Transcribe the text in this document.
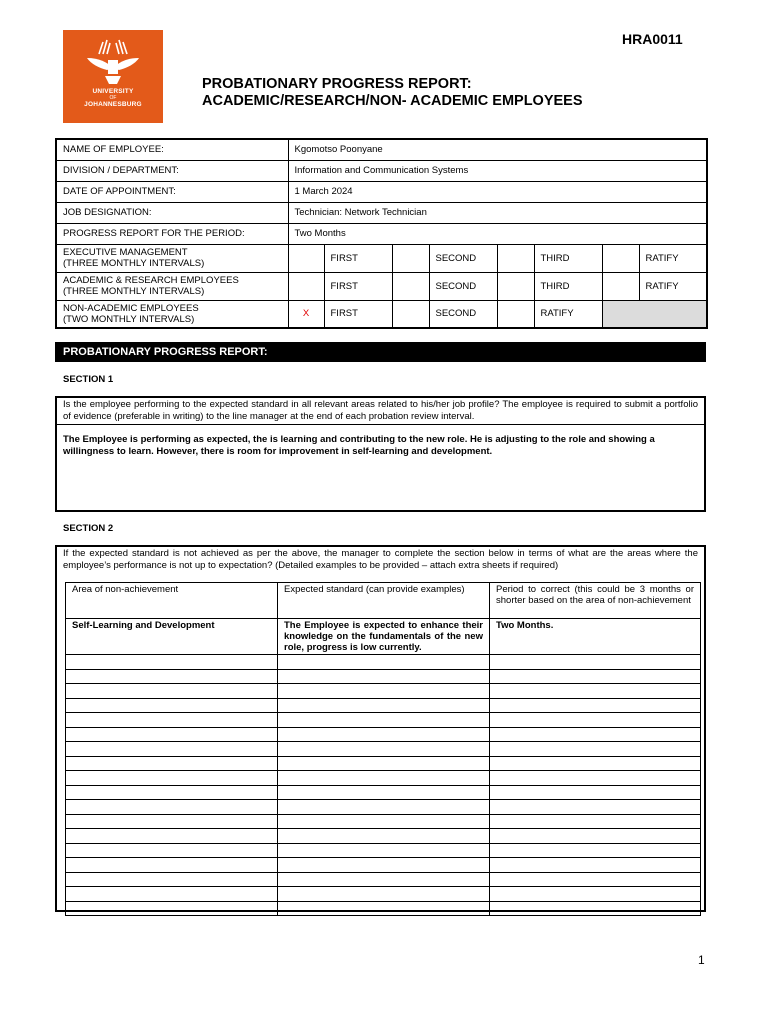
UNIVERSITY
OF
JOHANNESBURG
HRA0011
PROBATIONARY PROGRESS REPORT:
ACADEMIC/RESEARCH/NON- ACADEMIC EMPLOYEES
NAME OF EMPLOYEE:	Kgomotso Poonyane							
DIVISION / DEPARTMENT:	Information and Communication Systems							
DATE OF APPOINTMENT:	1 March 2024							
JOB DESIGNATION:	Technician: Network Technician							
PROGRESS REPORT FOR THE PERIOD:	Two Months							
EXECUTIVE MANAGEMENT
(THREE MONTHLY INTERVALS)		FIRST		SECOND		THIRD		RATIFY
ACADEMIC & RESEARCH EMPLOYEES
(THREE MONTHLY INTERVALS)		FIRST		SECOND		THIRD		RATIFY
NON-ACADEMIC EMPLOYEES
(TWO MONTHLY INTERVALS)	X	FIRST		SECOND		RATIFY		
PROBATIONARY PROGRESS REPORT:
SECTION 1
Is the employee performing to the expected standard in all relevant areas related to his/her job profile? The employee is required to submit a portfolio of evidence (preferable in writing) to the line manager at the end of each probation review interval.
The Employee is performing as expected, the is learning and contributing to the new role. He is adjusting to the role and showing a willingness to learn. However, there is room for improvement in self-learning and development.
SECTION 2
If the expected standard is not achieved as per the above, the manager to complete the section below in terms of what are the areas where the employee’s performance is not up to expectation? (Detailed examples to be provided – attach extra sheets if required)
Area of non-achievement	Expected standard (can provide examples)	Period to correct (this could be 3 months or shorter based on the area of non-achievement
Self-Learning and Development	The Employee is expected to enhance their knowledge on the fundamentals of the new role, progress is low currently.	Two Months.

1
